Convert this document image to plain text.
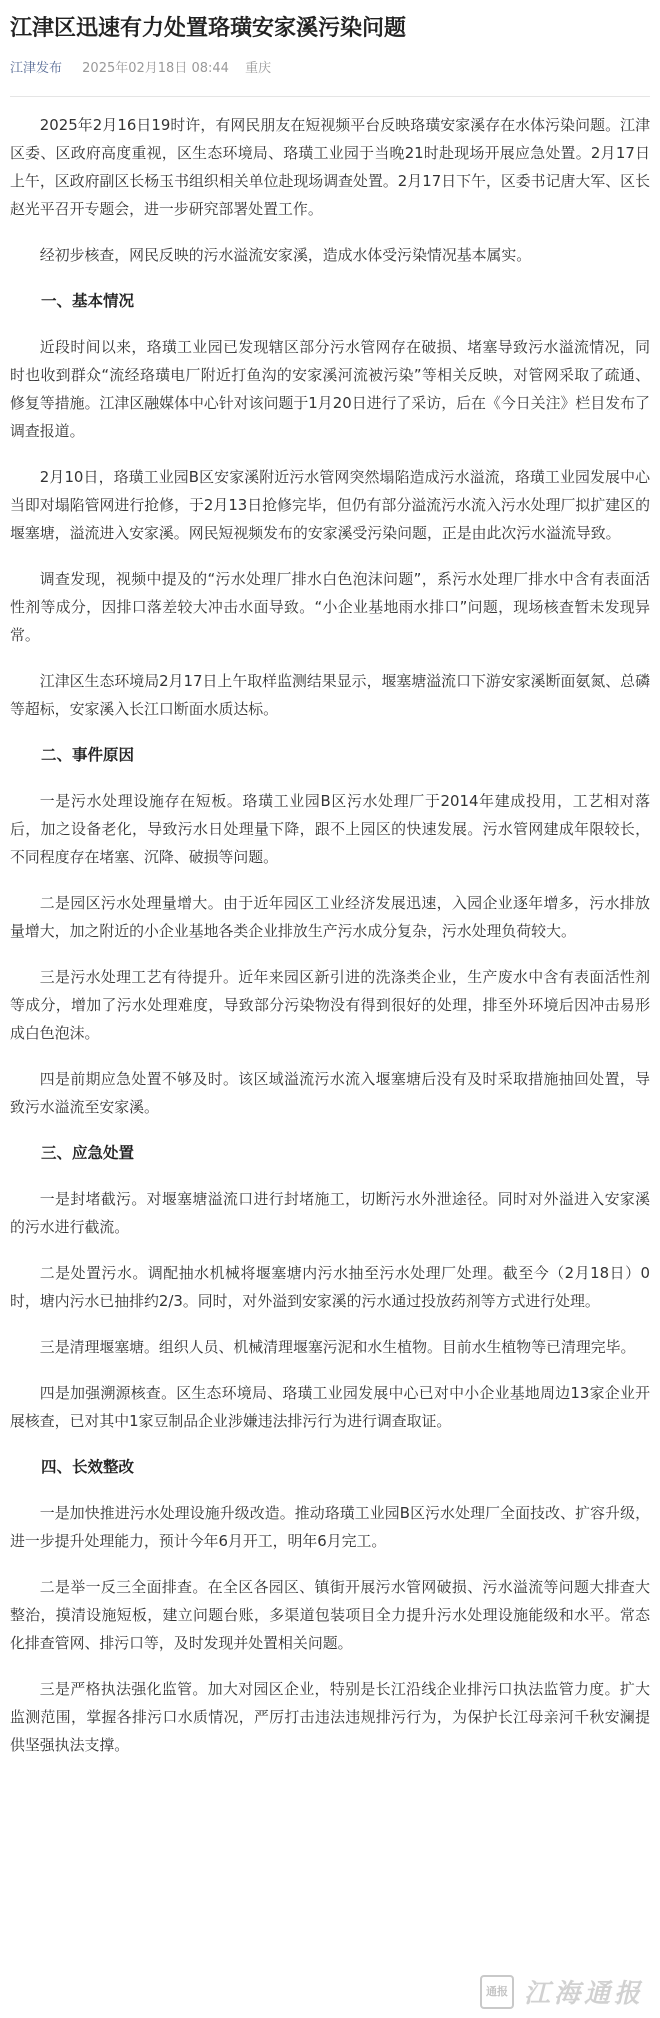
江津区迅速有力处置珞璜安家溪污染问题
江津发布 2025年02月18日 08:44 重庆

2025年2月16日19时许，有网民朋友在短视频平台反映珞璜安家溪存在水体污染问题。江津区委、区政府高度重视，区生态环境局、珞璜工业园于当晚21时赴现场开展应急处置。2月17日上午，区政府副区长杨玉书组织相关单位赴现场调查处置。2月17日下午，区委书记唐大军、区长赵光平召开专题会，进一步研究部署处置工作。

经初步核查，网民反映的污水溢流安家溪，造成水体受污染情况基本属实。

一、基本情况

近段时间以来，珞璜工业园已发现辖区部分污水管网存在破损、堵塞导致污水溢流情况，同时也收到群众“流经珞璜电厂附近打鱼沟的安家溪河流被污染”等相关反映，对管网采取了疏通、修复等措施。江津区融媒体中心针对该问题于1月20日进行了采访，后在《今日关注》栏目发布了调查报道。

2月10日，珞璜工业园B区安家溪附近污水管网突然塌陷造成污水溢流，珞璜工业园发展中心当即对塌陷管网进行抢修，于2月13日抢修完毕，但仍有部分溢流污水流入污水处理厂拟扩建区的堰塞塘，溢流进入安家溪。网民短视频发布的安家溪受污染问题，正是由此次污水溢流导致。

调查发现，视频中提及的“污水处理厂排水白色泡沫问题”，系污水处理厂排水中含有表面活性剂等成分，因排口落差较大冲击水面导致。“小企业基地雨水排口”问题，现场核查暂未发现异常。

江津区生态环境局2月17日上午取样监测结果显示，堰塞塘溢流口下游安家溪断面氨氮、总磷等超标，安家溪入长江口断面水质达标。

二、事件原因

一是污水处理设施存在短板。珞璜工业园B区污水处理厂于2014年建成投用，工艺相对落后，加之设备老化，导致污水日处理量下降，跟不上园区的快速发展。污水管网建成年限较长，不同程度存在堵塞、沉降、破损等问题。

二是园区污水处理量增大。由于近年园区工业经济发展迅速，入园企业逐年增多，污水排放量增大，加之附近的小企业基地各类企业排放生产污水成分复杂，污水处理负荷较大。

三是污水处理工艺有待提升。近年来园区新引进的洗涤类企业，生产废水中含有表面活性剂等成分，增加了污水处理难度，导致部分污染物没有得到很好的处理，排至外环境后因冲击易形成白色泡沫。

四是前期应急处置不够及时。该区域溢流污水流入堰塞塘后没有及时采取措施抽回处置，导致污水溢流至安家溪。

三、应急处置

一是封堵截污。对堰塞塘溢流口进行封堵施工，切断污水外泄途径。同时对外溢进入安家溪的污水进行截流。

二是处置污水。调配抽水机械将堰塞塘内污水抽至污水处理厂处理。截至今（2月18日）0时，塘内污水已抽排约2/3。同时，对外溢到安家溪的污水通过投放药剂等方式进行处理。

三是清理堰塞塘。组织人员、机械清理堰塞污泥和水生植物。目前水生植物等已清理完毕。

四是加强溯源核查。区生态环境局、珞璜工业园发展中心已对中小企业基地周边13家企业开展核查，已对其中1家豆制品企业涉嫌违法排污行为进行调查取证。

四、长效整改

一是加快推进污水处理设施升级改造。推动珞璜工业园B区污水处理厂全面技改、扩容升级，进一步提升处理能力，预计今年6月开工，明年6月完工。

二是举一反三全面排查。在全区各园区、镇街开展污水管网破损、污水溢流等问题大排查大整治，摸清设施短板，建立问题台账，多渠道包装项目全力提升污水处理设施能级和水平。常态化排查管网、排污口等，及时发现并处置相关问题。

三是严格执法强化监管。加大对园区企业，特别是长江沿线企业排污口执法监管力度。扩大监测范围，掌握各排污口水质情况，严厉打击违法违规排污行为，为保护长江母亲河千秋安澜提供坚强执法支撑。

通报 江海通报
